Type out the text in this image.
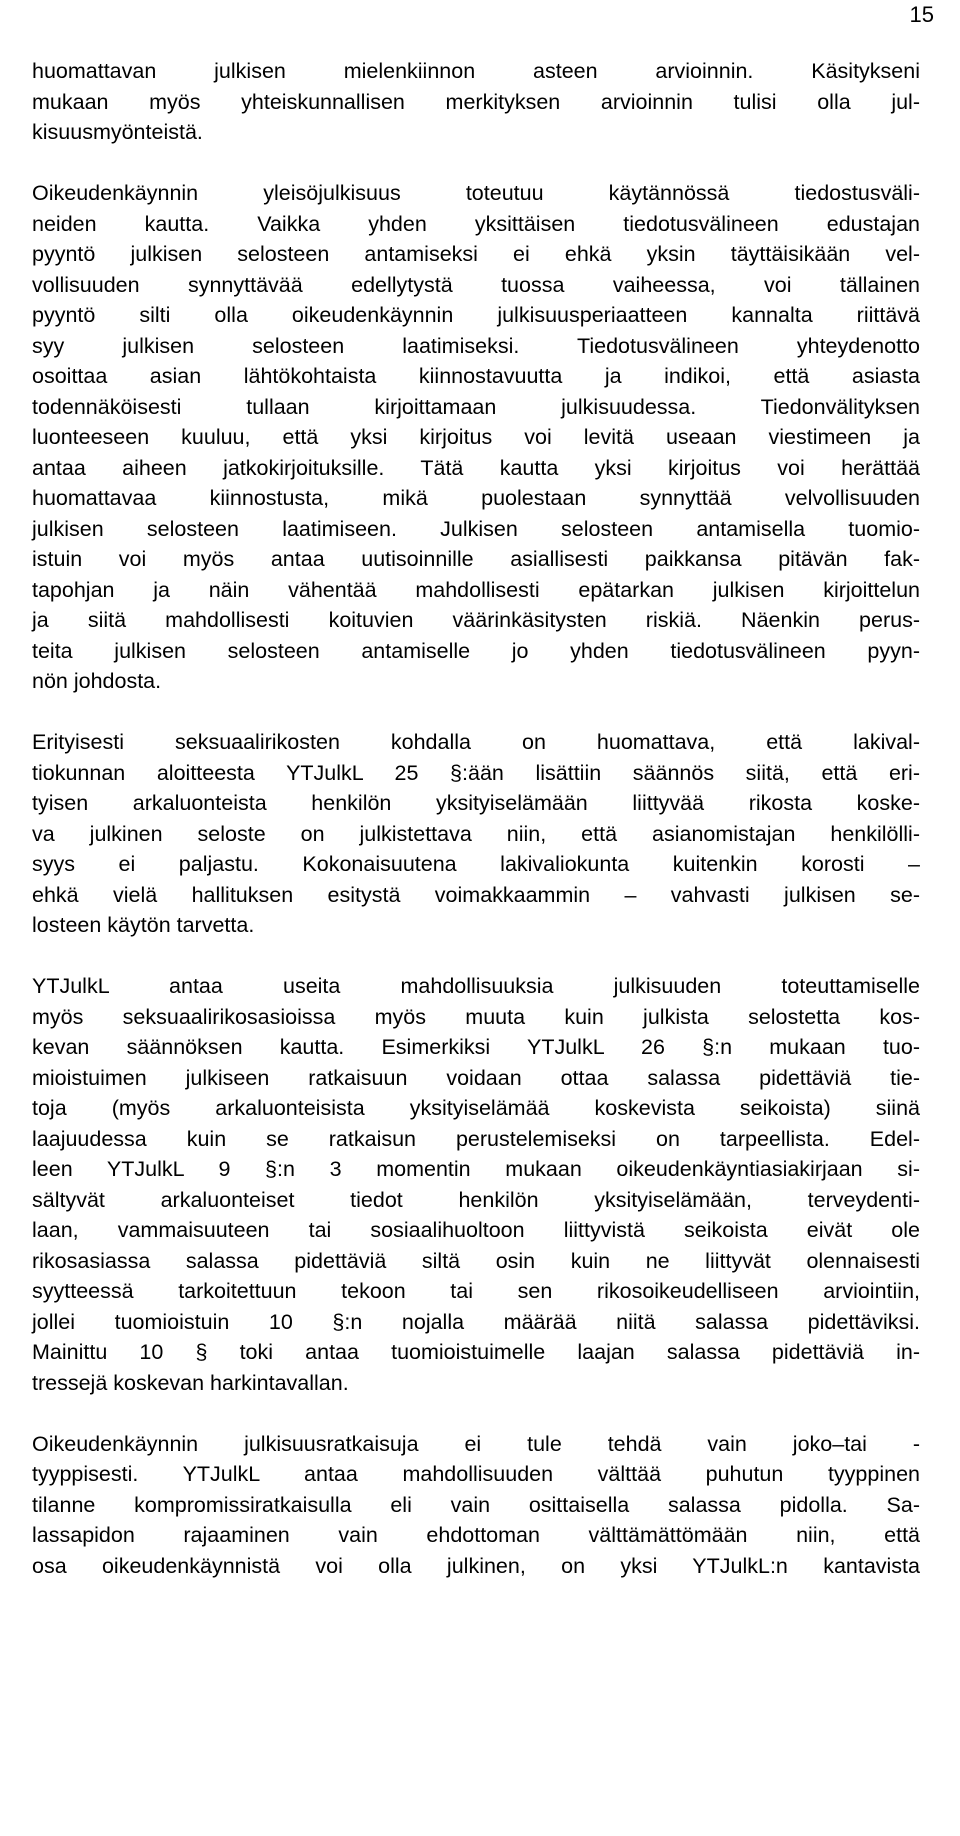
15
huomattavan julkisen mielenkiinnon asteen arvioinnin. Käsitykseni
mukaan myös yhteiskunnallisen merkityksen arvioinnin tulisi olla jul-
kisuusmyönteistä.
Oikeudenkäynnin yleisöjulkisuus toteutuu käytännössä tiedostusväli-
neiden kautta. Vaikka yhden yksittäisen tiedotusvälineen edustajan
pyyntö julkisen selosteen antamiseksi ei ehkä yksin täyttäisikään vel-
vollisuuden synnyttävää edellytystä tuossa vaiheessa, voi tällainen
pyyntö silti olla oikeudenkäynnin julkisuusperiaatteen kannalta riittävä
syy julkisen selosteen laatimiseksi. Tiedotusvälineen yhteydenotto
osoittaa asian lähtökohtaista kiinnostavuutta ja indikoi, että asiasta
todennäköisesti tullaan kirjoittamaan julkisuudessa. Tiedonvälityksen
luonteeseen kuuluu, että yksi kirjoitus voi levitä useaan viestimeen ja
antaa aiheen jatkokirjoituksille. Tätä kautta yksi kirjoitus voi herättää
huomattavaa kiinnostusta, mikä puolestaan synnyttää velvollisuuden
julkisen selosteen laatimiseen. Julkisen selosteen antamisella tuomio-
istuin voi myös antaa uutisoinnille asiallisesti paikkansa pitävän fak-
tapohjan ja näin vähentää mahdollisesti epätarkan julkisen kirjoittelun
ja siitä mahdollisesti koituvien väärinkäsitysten riskiä. Näenkin perus-
teita julkisen selosteen antamiselle jo yhden tiedotusvälineen pyyn-
nön johdosta.
Erityisesti seksuaalirikosten kohdalla on huomattava, että lakival-
tiokunnan aloitteesta YTJulkL 25 §:ään lisättiin säännös siitä, että eri-
tyisen arkaluonteista henkilön yksityiselämään liittyvää rikosta koske-
va julkinen seloste on julkistettava niin, että asianomistajan henkilölli-
syys ei paljastu. Kokonaisuutena lakivaliokunta kuitenkin korosti –
ehkä vielä hallituksen esitystä voimakkaammin – vahvasti julkisen se-
losteen käytön tarvetta.
YTJulkL antaa useita mahdollisuuksia julkisuuden toteuttamiselle
myös seksuaalirikosasioissa myös muuta kuin julkista selostetta kos-
kevan säännöksen kautta. Esimerkiksi YTJulkL 26 §:n mukaan tuo-
mioistuimen julkiseen ratkaisuun voidaan ottaa salassa pidettäviä tie-
toja (myös arkaluonteisista yksityiselämää koskevista seikoista) siinä
laajuudessa kuin se ratkaisun perustelemiseksi on tarpeellista. Edel-
leen YTJulkL 9 §:n 3 momentin mukaan oikeudenkäyntiasiakirjaan si-
sältyvät arkaluonteiset tiedot henkilön yksityiselämään, terveydenti-
laan, vammaisuuteen tai sosiaalihuoltoon liittyvistä seikoista eivät ole
rikosasiassa salassa pidettäviä siltä osin kuin ne liittyvät olennaisesti
syytteessä tarkoitettuun tekoon tai sen rikosoikeudelliseen arviointiin,
jollei tuomioistuin 10 §:n nojalla määrää niitä salassa pidettäviksi.
Mainittu 10 § toki antaa tuomioistuimelle laajan salassa pidettäviä in-
tressejä koskevan harkintavallan.
Oikeudenkäynnin julkisuusratkaisuja ei tule tehdä vain joko–tai -
tyyppisesti. YTJulkL antaa mahdollisuuden välttää puhutun tyyppinen
tilanne kompromissiratkaisulla eli vain osittaisella salassa pidolla. Sa-
lassapidon rajaaminen vain ehdottoman välttämättömään niin, että
osa oikeudenkäynnistä voi olla julkinen, on yksi YTJulkL:n kantavista
